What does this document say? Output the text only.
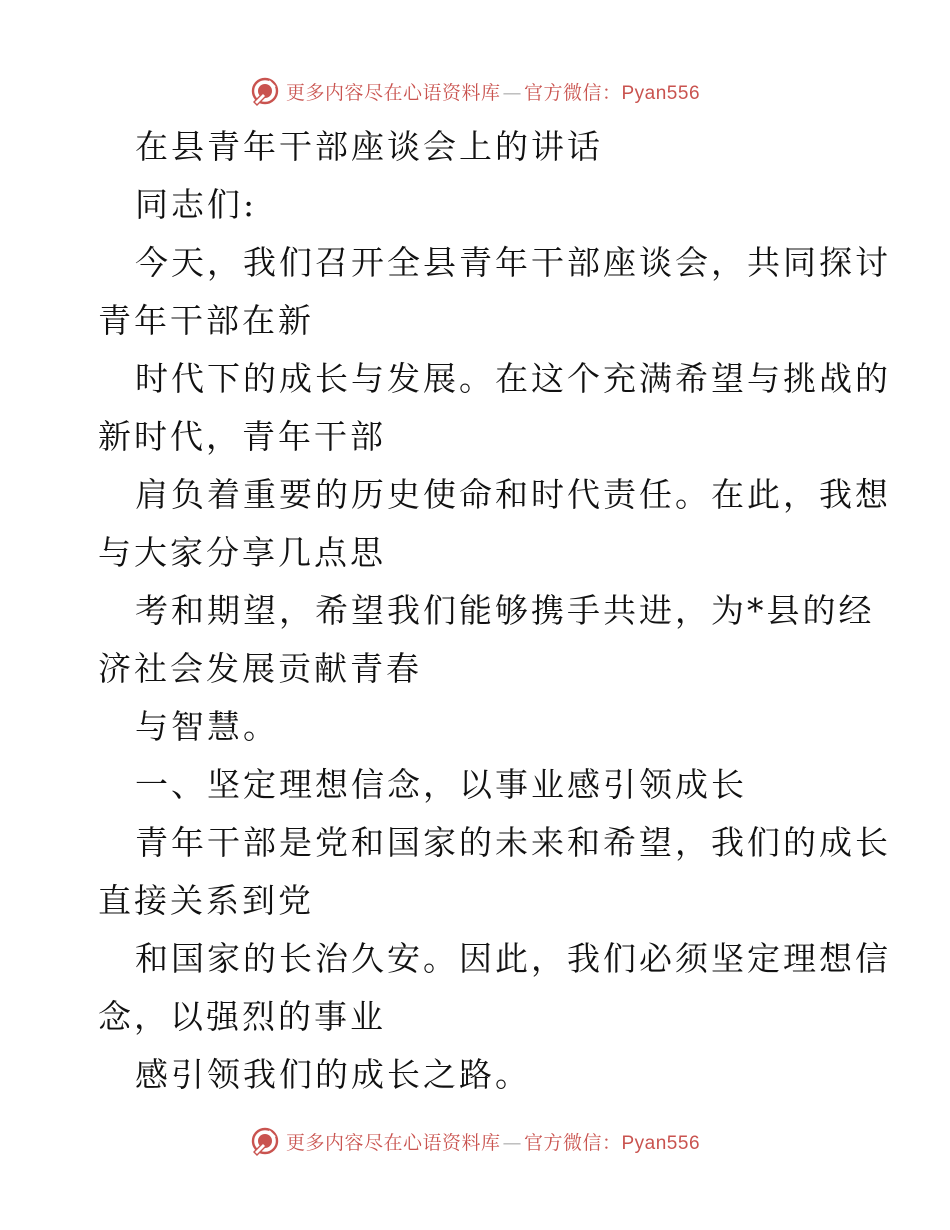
更多内容尽在心语资料库 — 官方微信：Pyan556
在县青年干部座谈会上的讲话
同志们:
今天，我们召开全县青年干部座谈会，共同探讨
青年干部在新
时代下的成长与发展。在这个充满希望与挑战的
新时代，青年干部
肩负着重要的历史使命和时代责任。在此，我想
与大家分享几点思
考和期望，希望我们能够携手共进，为*县的经
济社会发展贡献青春
与智慧。
一、坚定理想信念，以事业感引领成长
青年干部是党和国家的未来和希望，我们的成长
直接关系到党
和国家的长治久安。因此，我们必须坚定理想信
念，以强烈的事业
感引领我们的成长之路。
更多内容尽在心语资料库 — 官方微信：Pyan556
